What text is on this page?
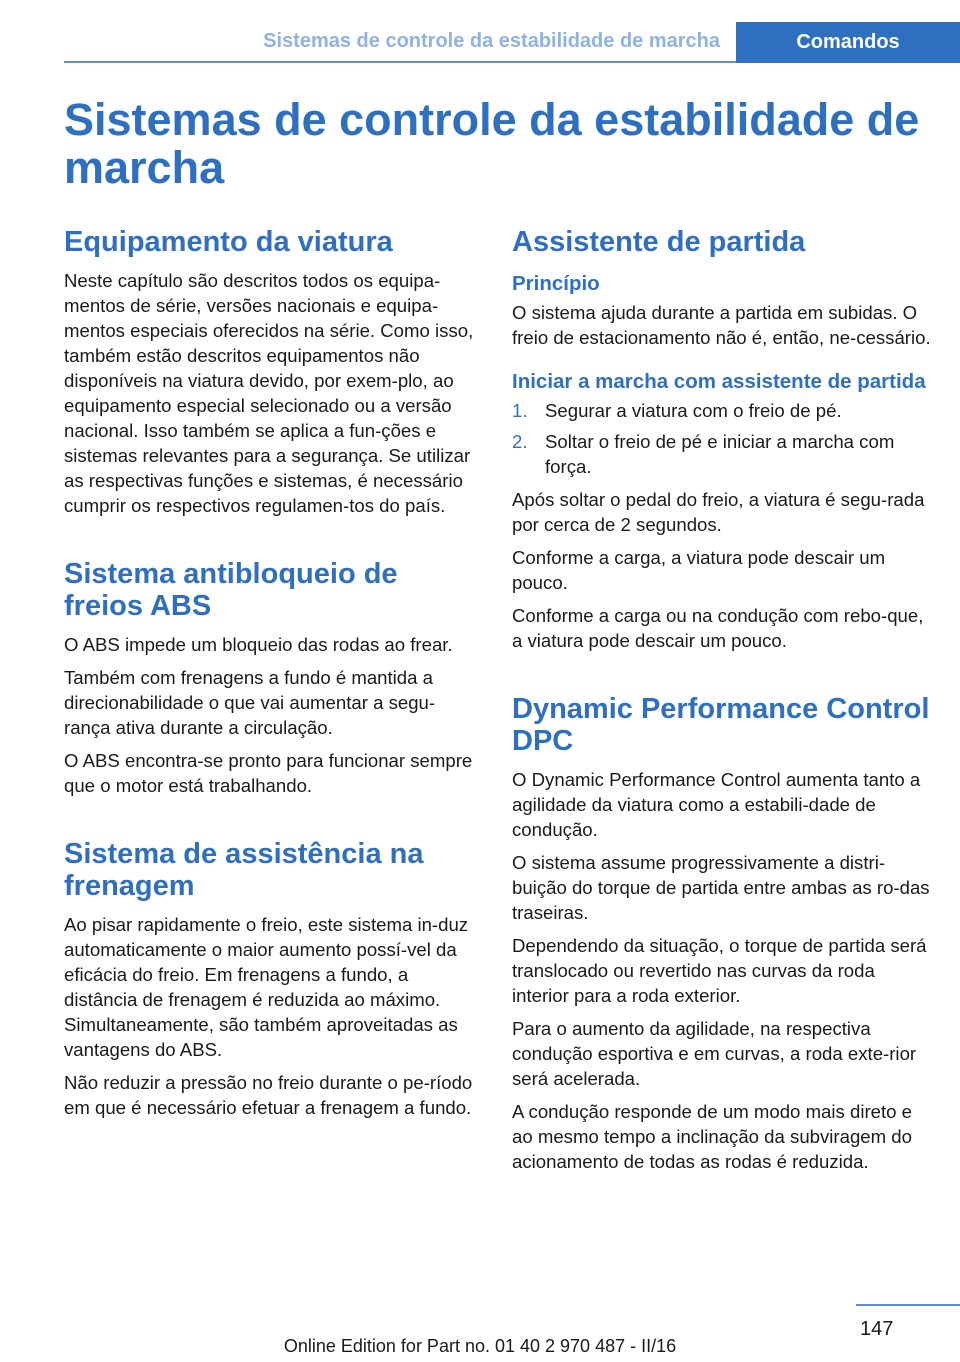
Sistemas de controle da estabilidade de marcha	Comandos
Sistemas de controle da estabilidade de marcha
Equipamento da viatura

Neste capítulo são descritos todos os equipa-mentos de série, versões nacionais e equipa-mentos especiais oferecidos na série. Como isso, também estão descritos equipamentos não disponíveis na viatura devido, por exem-plo, ao equipamento especial selecionado ou a versão nacional. Isso também se aplica a fun-ções e sistemas relevantes para a segurança. Se utilizar as respectivas funções e sistemas, é necessário cumprir os respectivos regulamen-tos do país.

Sistema antibloqueio de freios ABS

O ABS impede um bloqueio das rodas ao frear.

Também com frenagens a fundo é mantida a direcionabilidade o que vai aumentar a segu-rança ativa durante a circulação.

O ABS encontra-se pronto para funcionar sempre que o motor está trabalhando.

Sistema de assistência na frenagem

Ao pisar rapidamente o freio, este sistema in-duz automaticamente o maior aumento possí-vel da eficácia do freio. Em frenagens a fundo, a distância de frenagem é reduzida ao máximo. Simultaneamente, são também aproveitadas as vantagens do ABS.

Não reduzir a pressão no freio durante o pe-ríodo em que é necessário efetuar a frenagem a fundo.

Assistente de partida
Princípio

O sistema ajuda durante a partida em subidas. O freio de estacionamento não é, então, ne-cessário.

Iniciar a marcha com assistente de partida
1. Segurar a viatura com o freio de pé.
2. Soltar o freio de pé e iniciar a marcha com força.

Após soltar o pedal do freio, a viatura é segu-rada por cerca de 2 segundos.

Conforme a carga, a viatura pode descair um pouco.

Conforme a carga ou na condução com rebo-que, a viatura pode descair um pouco.

Dynamic Performance Control DPC

O Dynamic Performance Control aumenta tanto a agilidade da viatura como a estabili-dade de condução.

O sistema assume progressivamente a distri-buição do torque de partida entre ambas as ro-das traseiras.

Dependendo da situação, o torque de partida será translocado ou revertido nas curvas da roda interior para a roda exterior.

Para o aumento da agilidade, na respectiva condução esportiva e em curvas, a roda exte-rior será acelerada.

A condução responde de um modo mais direto e ao mesmo tempo a inclinação da subviragem do acionamento de todas as rodas é reduzida.

147
Online Edition for Part no. 01 40 2 970 487 - II/16
